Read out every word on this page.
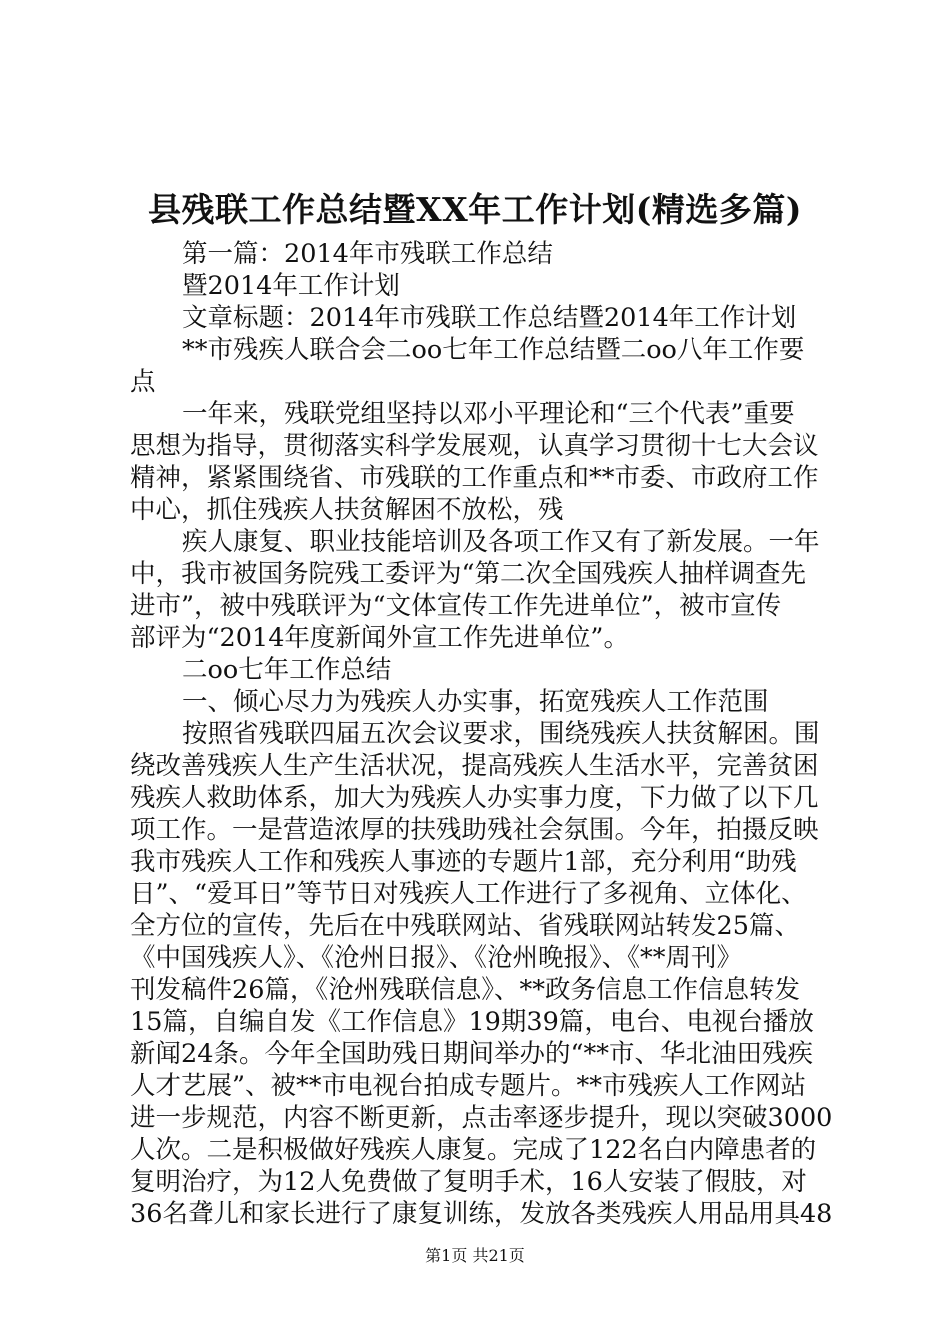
县残联工作总结暨XX年工作计划(精选多篇)
第一篇：2014年市残联工作总结
暨2014年工作计划
文章标题：2014年市残联工作总结暨2014年工作计划
**市残疾人联合会二oo七年工作总结暨二oo八年工作要
点
一年来，残联党组坚持以邓小平理论和“三个代表”重要
思想为指导，贯彻落实科学发展观，认真学习贯彻十七大会议
精神，紧紧围绕省、市残联的工作重点和**市委、市政府工作
中心，抓住残疾人扶贫解困不放松，残
疾人康复、职业技能培训及各项工作又有了新发展。一年
中，我市被国务院残工委评为“第二次全国残疾人抽样调查先
进市”，被中残联评为“文体宣传工作先进单位”，被市宣传
部评为“2014年度新闻外宣工作先进单位”。
二oo七年工作总结
一、倾心尽力为残疾人办实事，拓宽残疾人工作范围
按照省残联四届五次会议要求，围绕残疾人扶贫解困。围
绕改善残疾人生产生活状况，提高残疾人生活水平，完善贫困
残疾人救助体系，加大为残疾人办实事力度，下力做了以下几
项工作。一是营造浓厚的扶残助残社会氛围。今年，拍摄反映
我市残疾人工作和残疾人事迹的专题片1部，充分利用“助残
日”、“爱耳日”等节日对残疾人工作进行了多视角、立体化、
全方位的宣传，先后在中残联网站、省残联网站转发25篇、
《中国残疾人》、《沧州日报》、《沧州晚报》、《**周刊》
刊发稿件26篇，《沧州残联信息》、**政务信息工作信息转发
15篇，自编自发《工作信息》19期39篇，电台、电视台播放
新闻24条。今年全国助残日期间举办的“**市、华北油田残疾
人才艺展”、被**市电视台拍成专题片。**市残疾人工作网站
进一步规范，内容不断更新，点击率逐步提升，现以突破3000
人次。二是积极做好残疾人康复。完成了122名白内障患者的
复明治疗，为12人免费做了复明手术，16人安装了假肢，对
36名聋儿和家长进行了康复训练，发放各类残疾人用品用具48
第1页 共21页
